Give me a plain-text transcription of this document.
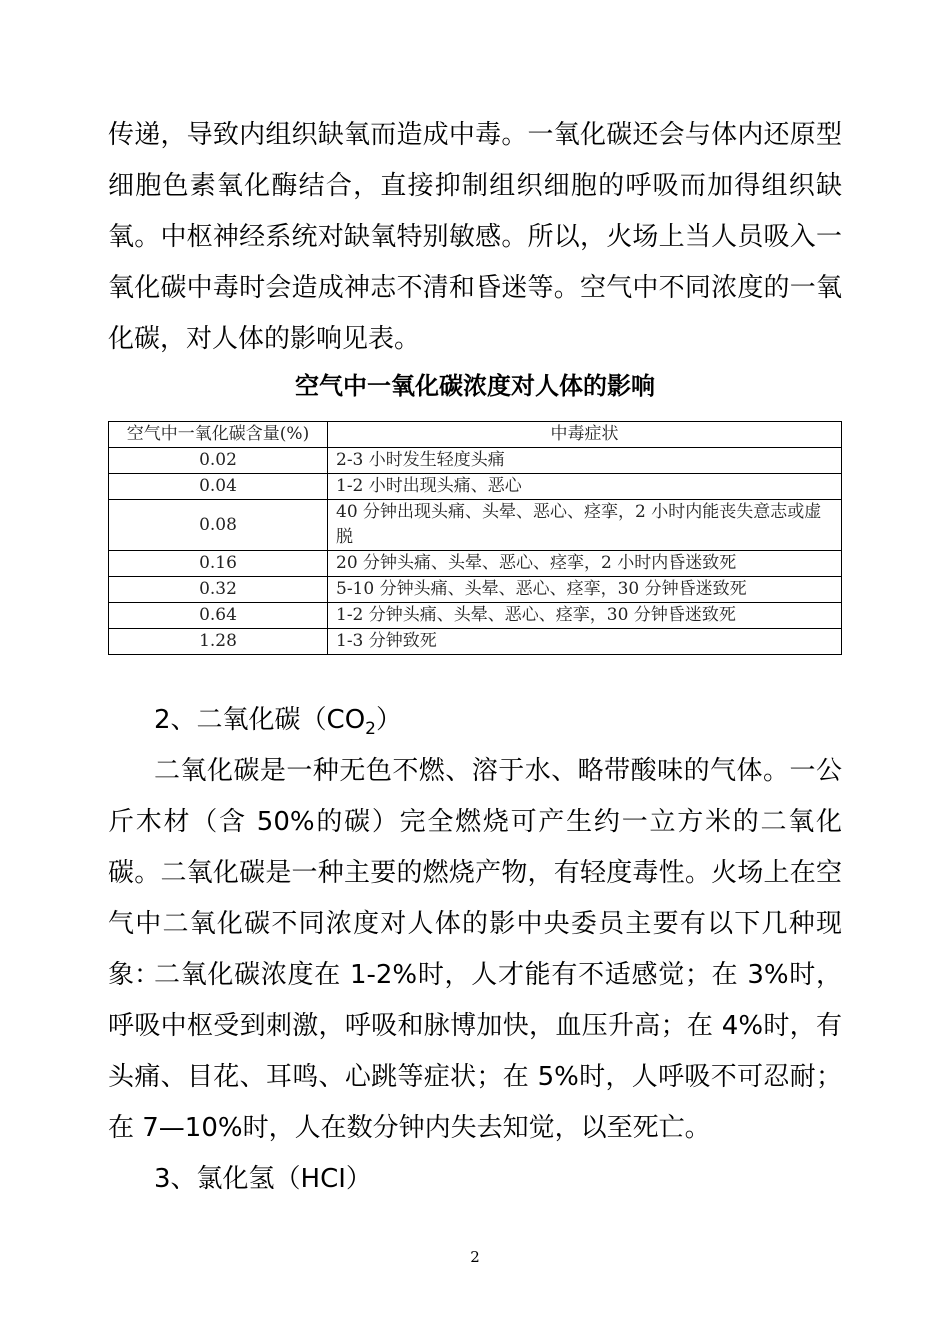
传递，导致内组织缺氧而造成中毒。一氧化碳还会与体内还原型细胞色素氧化酶结合，直接抑制组织细胞的呼吸而加得组织缺氧。中枢神经系统对缺氧特别敏感。所以，火场上当人员吸入一氧化碳中毒时会造成神志不清和昏迷等。空气中不同浓度的一氧化碳，对人体的影响见表。

空气中一氧化碳浓度对人体的影响

空气中一氧化碳含量(%)	中毒症状
0.02	2-3 小时发生轻度头痛
0.04	1-2 小时出现头痛、恶心
0.08	40 分钟出现头痛、头晕、恶心、痉挛，2 小时内能丧失意志或虚脱
0.16	20 分钟头痛、头晕、恶心、痉挛，2 小时内昏迷致死
0.32	5-10 分钟头痛、头晕、恶心、痉挛，30 分钟昏迷致死
0.64	1-2 分钟头痛、头晕、恶心、痉挛，30 分钟昏迷致死
1.28	1-3 分钟致死

2、二氧化碳$(CO_2)$

二氧化碳是一种无色不燃、溶于水、略带酸味的气体。一公斤木材（含 50%的碳）完全燃烧可产生约一立方米的二氧化碳。二氧化碳是一种主要的燃烧产物，有轻度毒性。火场上在空气中二氧化碳不同浓度对人体的影中央委员主要有以下几种现象：

二氧化碳浓度在 1-2%时，人才能有不适感觉；在 3%时，呼吸中枢受到刺激，呼吸和脉博加快，血压升高；在 4%时，有头痛、目花、耳鸣、心跳等症状；在 5%时，人呼吸不可忍耐；在 7—10%时，人在数分钟内失去知觉，以至死亡。

3、氯化氢（HCI）

2
